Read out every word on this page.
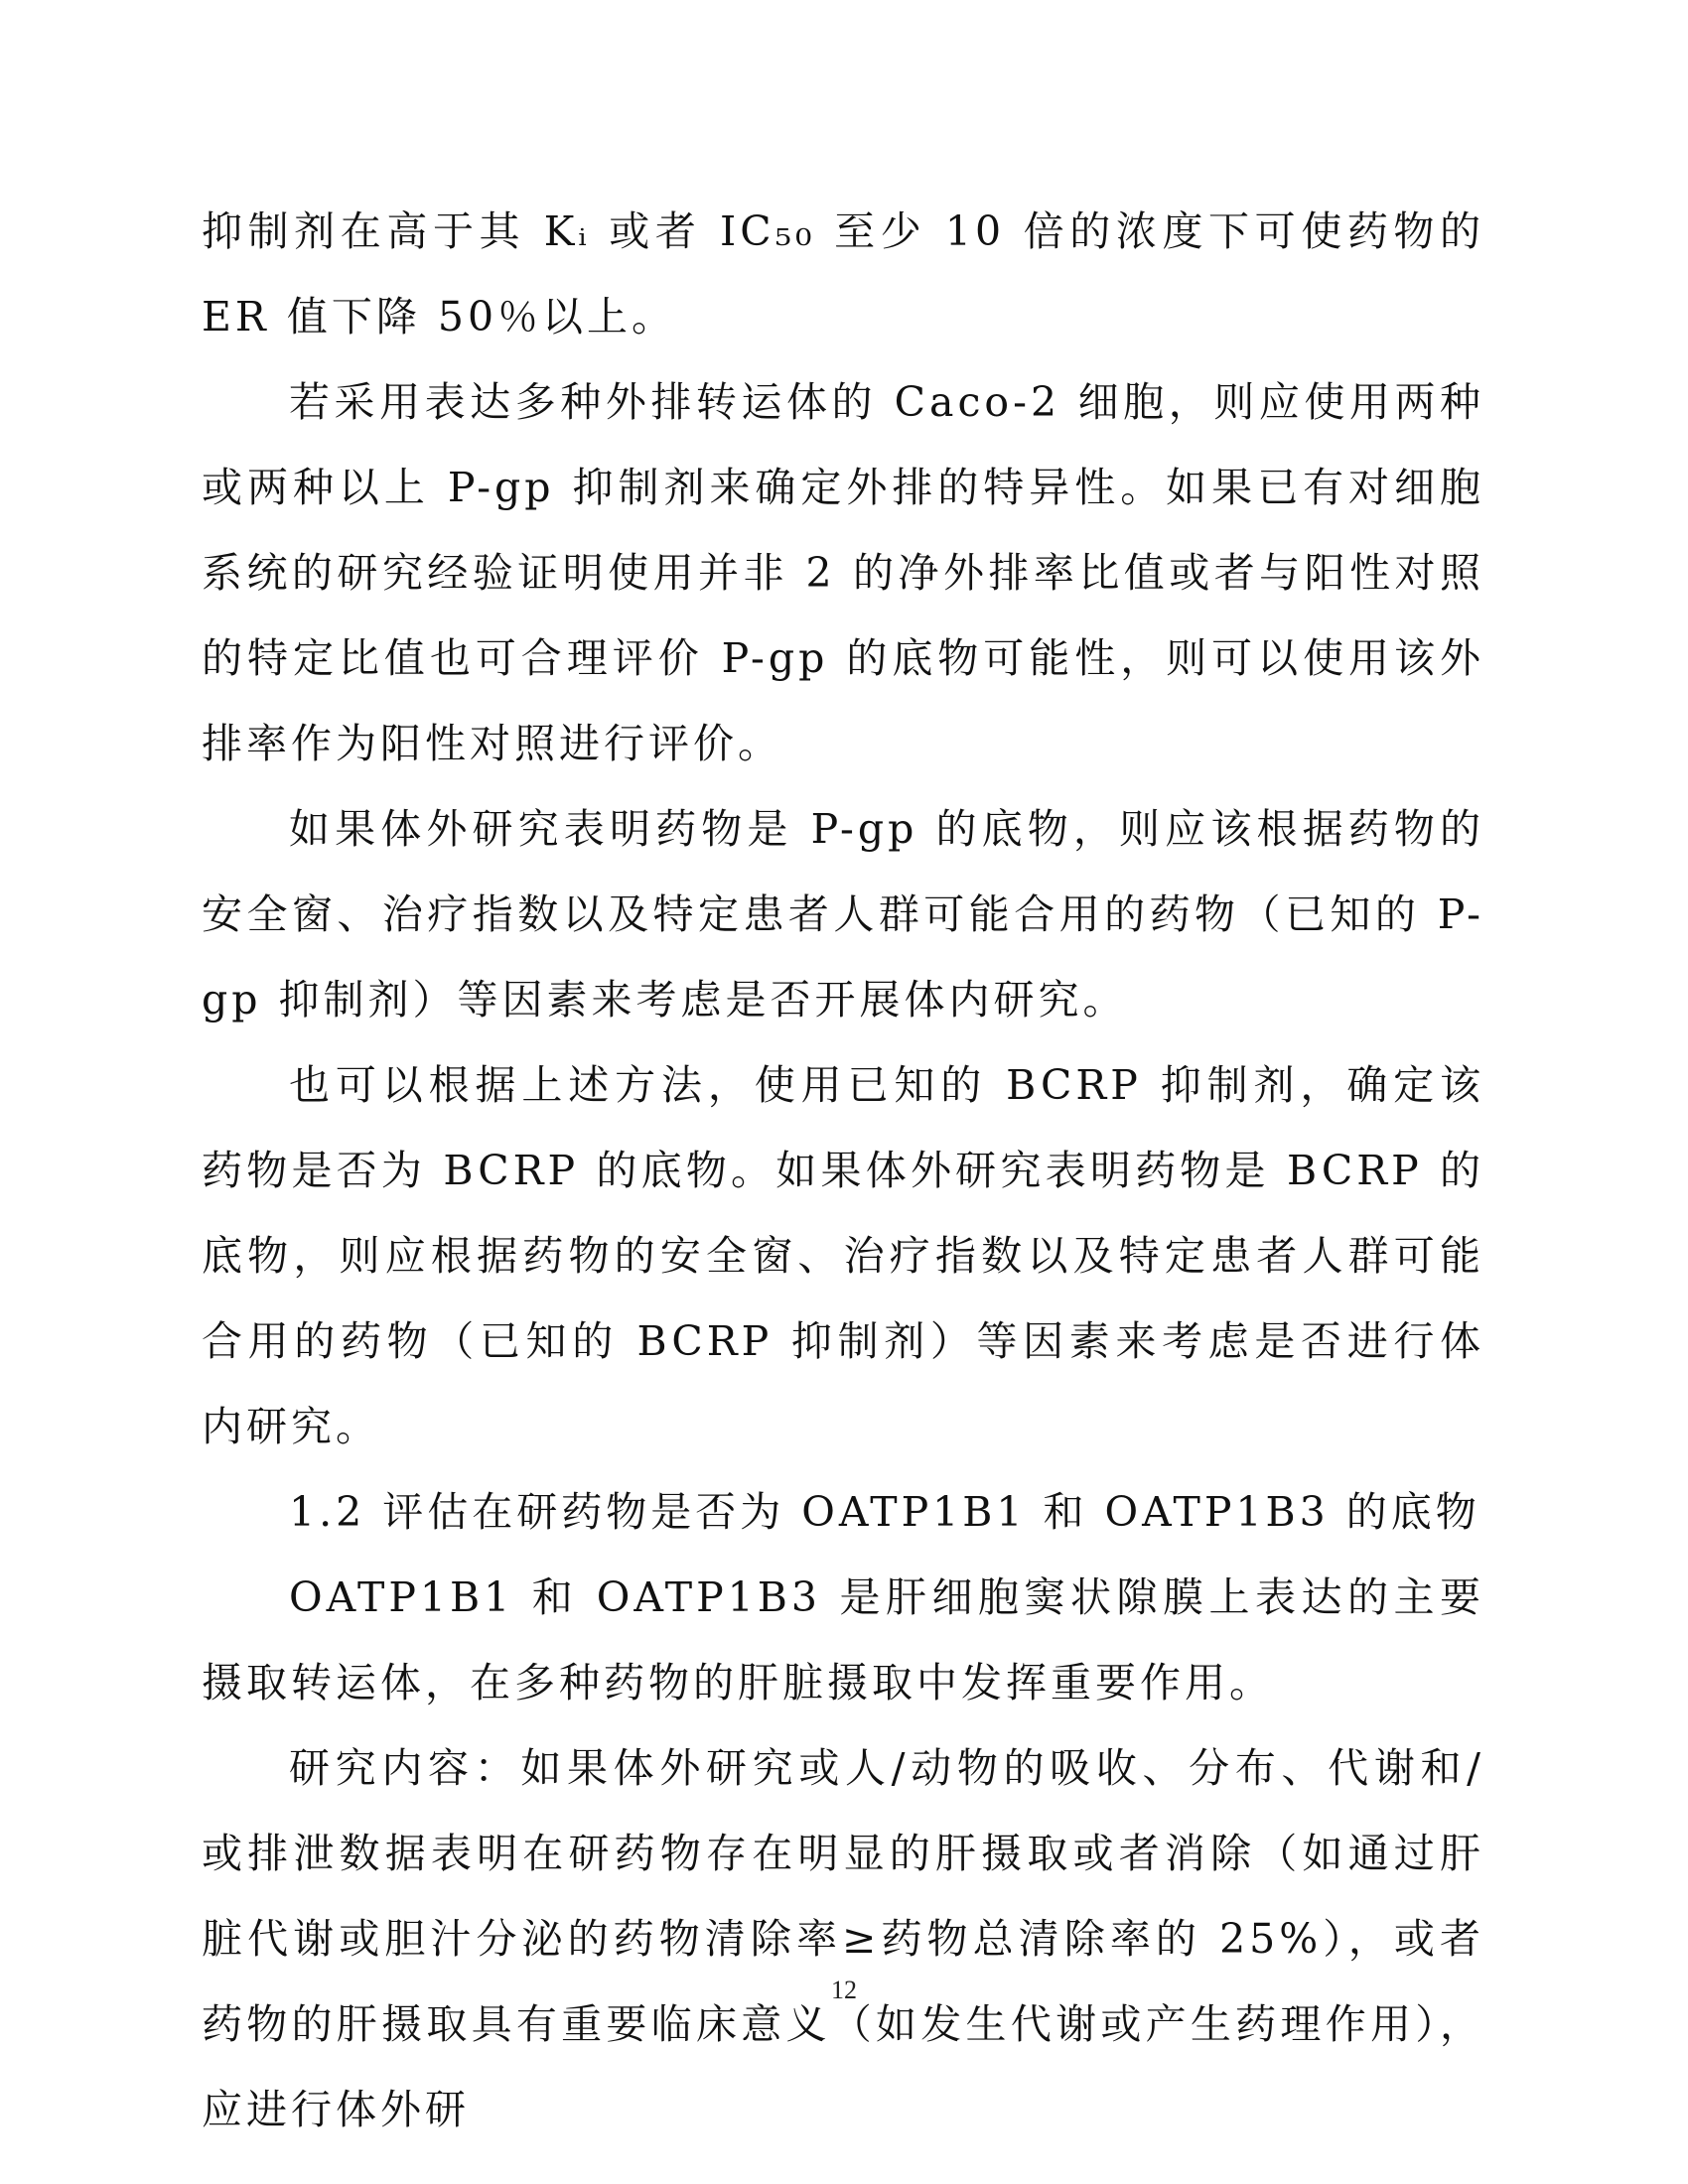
抑制剂在高于其 Kᵢ 或者 IC₅₀ 至少 10 倍的浓度下可使药物的 ER 值下降 50％以上。

若采用表达多种外排转运体的 Caco-2 细胞，则应使用两种或两种以上 P-gp 抑制剂来确定外排的特异性。如果已有对细胞系统的研究经验证明使用并非 2 的净外排率比值或者与阳性对照的特定比值也可合理评价 P-gp 的底物可能性，则可以使用该外排率作为阳性对照进行评价。

如果体外研究表明药物是 P-gp 的底物，则应该根据药物的安全窗、治疗指数以及特定患者人群可能合用的药物（已知的 P-gp 抑制剂）等因素来考虑是否开展体内研究。

也可以根据上述方法，使用已知的 BCRP 抑制剂，确定该药物是否为 BCRP 的底物。如果体外研究表明药物是 BCRP 的底物，则应根据药物的安全窗、治疗指数以及特定患者人群可能合用的药物（已知的 BCRP 抑制剂）等因素来考虑是否进行体内研究。

1.2 评估在研药物是否为 OATP1B1 和 OATP1B3 的底物

OATP1B1 和 OATP1B3 是肝细胞窦状隙膜上表达的主要摄取转运体，在多种药物的肝脏摄取中发挥重要作用。

研究内容：如果体外研究或人/动物的吸收、分布、代谢和/或排泄数据表明在研药物存在明显的肝摄取或者消除（如通过肝脏代谢或胆汁分泌的药物清除率≥药物总清除率的 25%），或者药物的肝摄取具有重要临床意义（如发生代谢或产生药理作用），应进行体外研

12
